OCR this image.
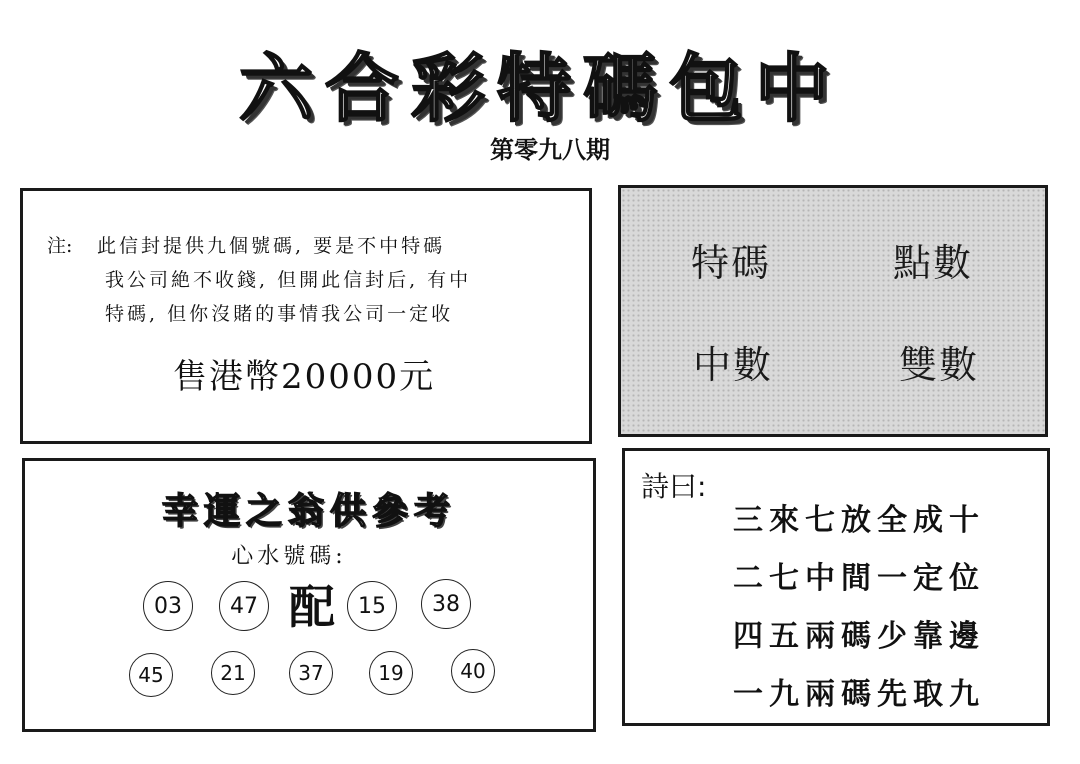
六合彩特碼包中
第零九八期
注: 此信封提供九個號碼, 要是不中特碼
我公司絶不收錢, 但開此信封后, 有中
特碼, 但你沒賭的事情我公司一定收
售港幣20000元
特碼	點數
中數	雙數
幸運之翁供參考
心水號碼:
03	47 配	15	38
45	21	37	19	40
詩曰:
三來七放全成十
二七中間一定位
四五兩碼少靠邊
一九兩碼先取九
